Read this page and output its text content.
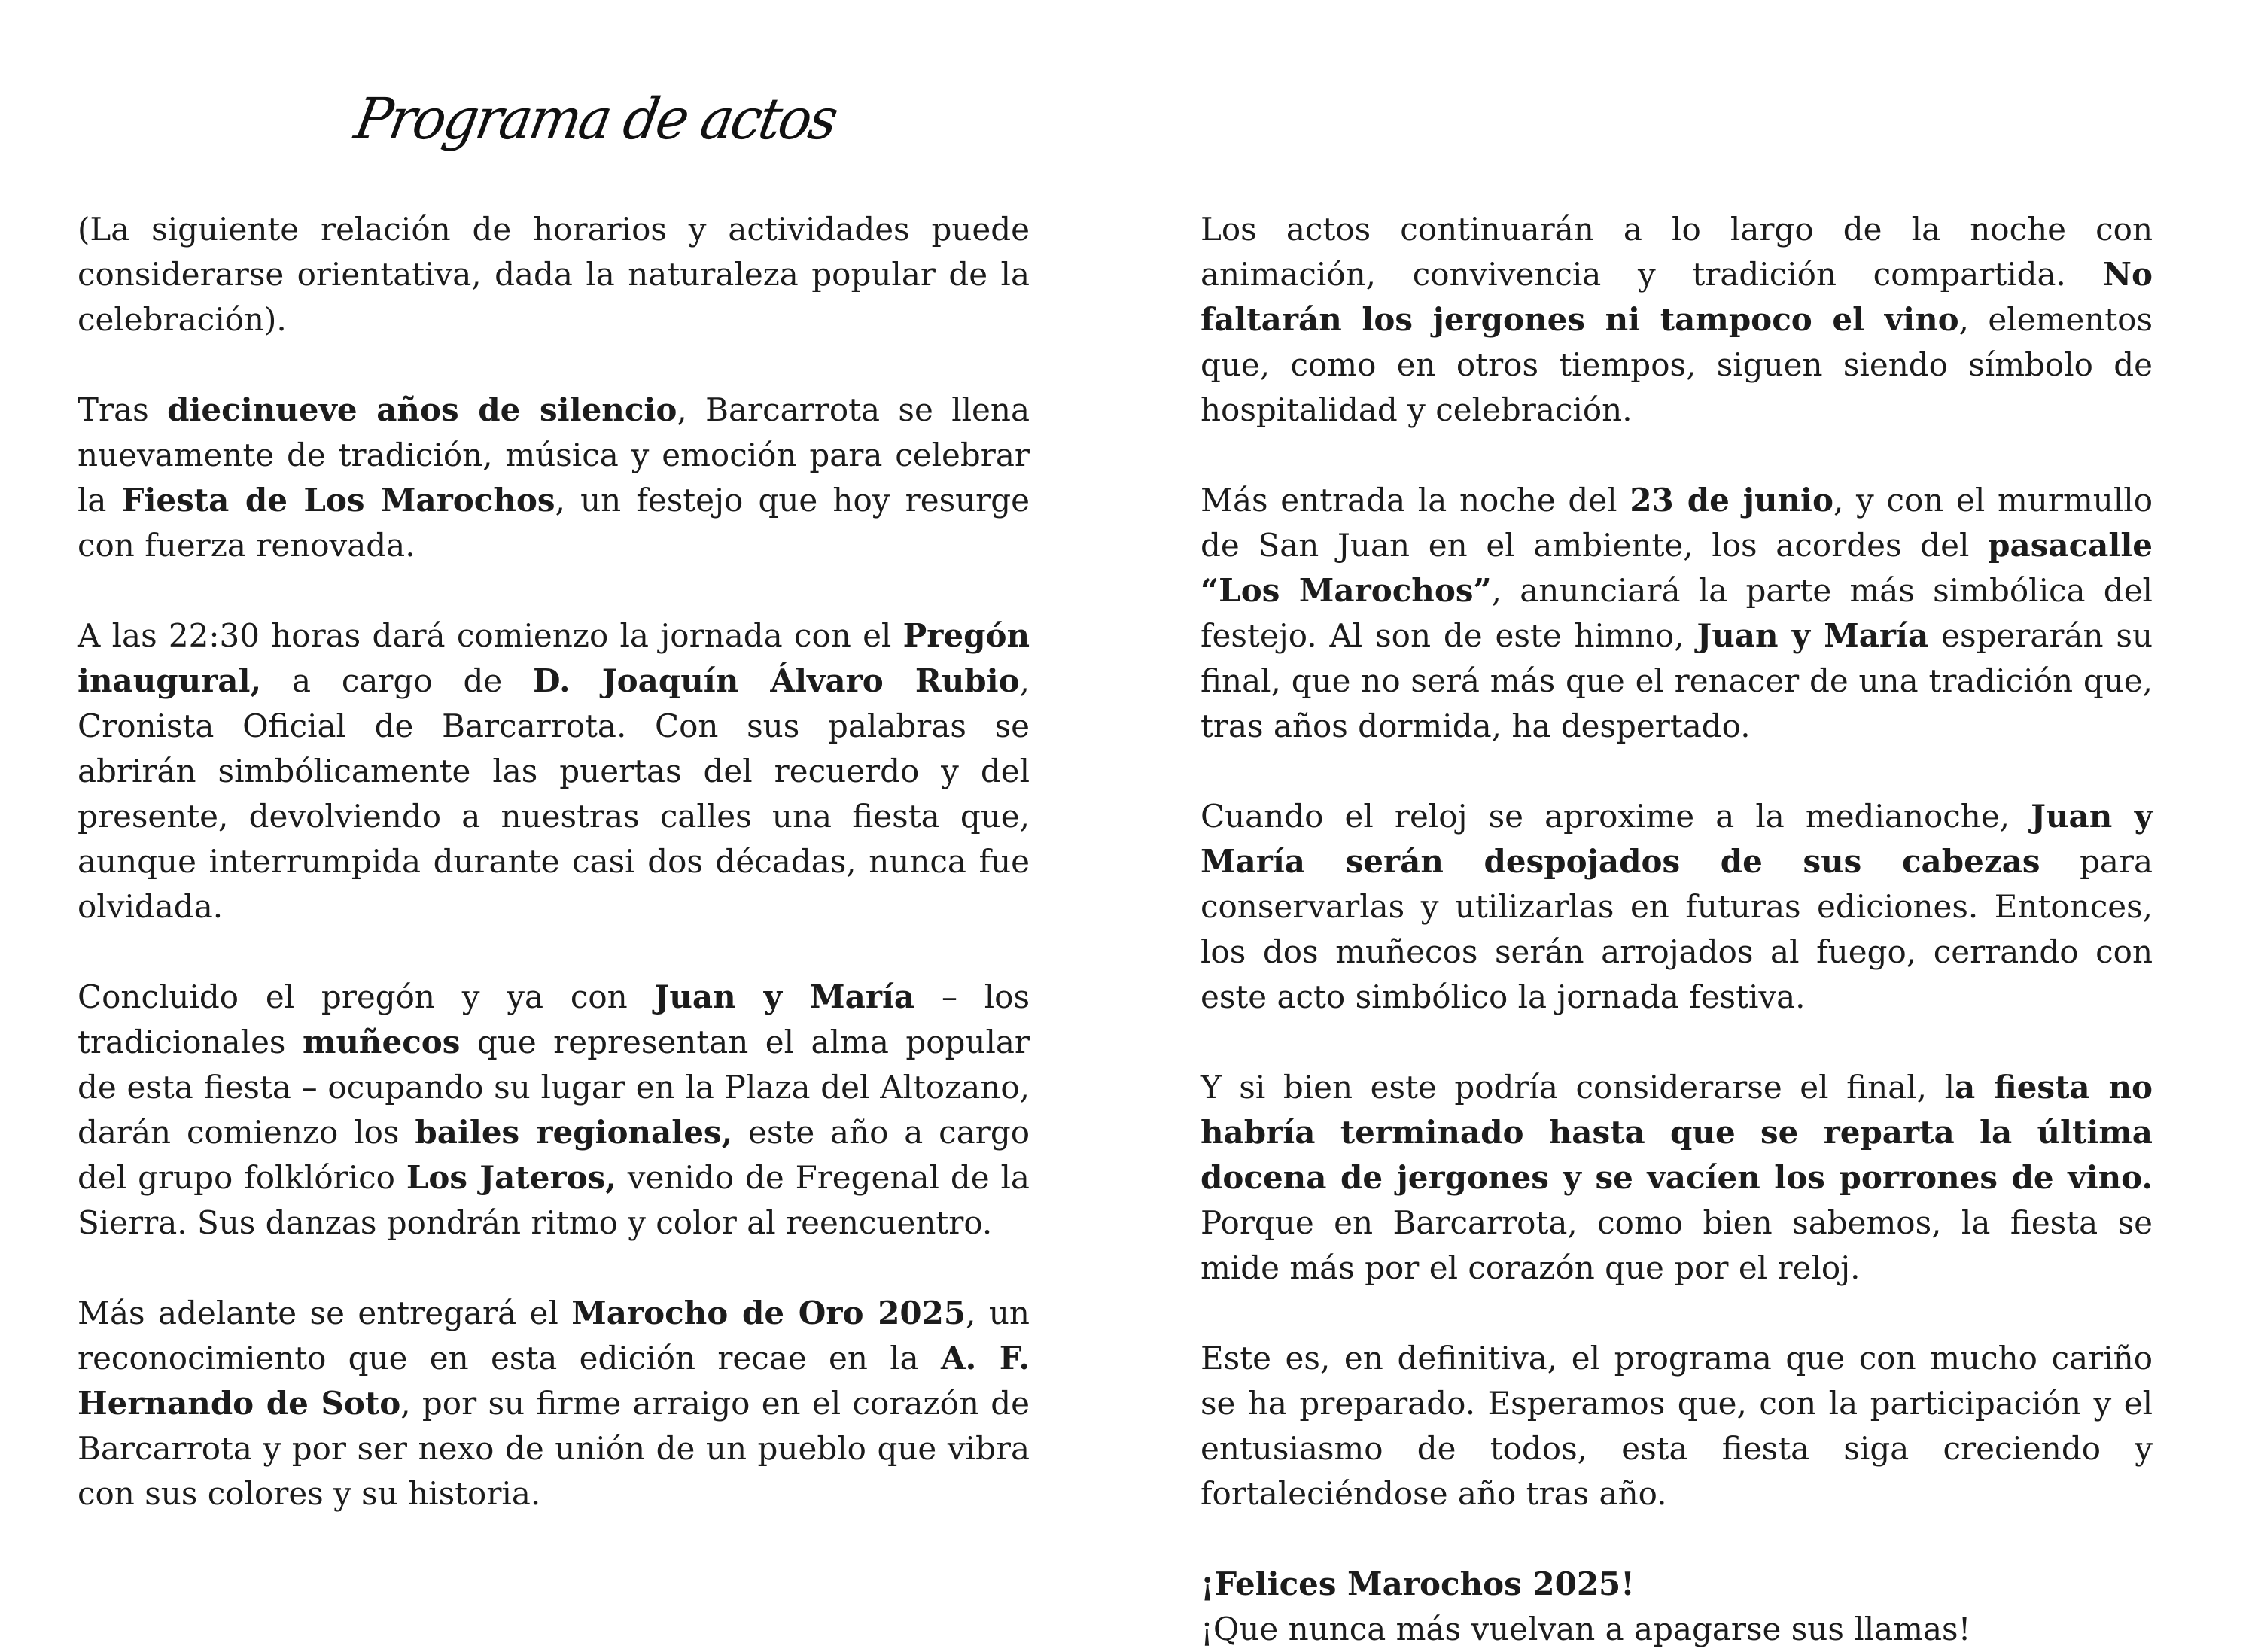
Programa de actos

(La siguiente relación de horarios y actividades puede considerarse orientativa, dada la naturaleza popular de la celebración).

Tras diecinueve años de silencio, Barcarrota se llena nuevamente de tradición, música y emoción para celebrar la Fiesta de Los Marochos, un festejo que hoy resurge con fuerza renovada.

A las 22:30 horas dará comienzo la jornada con el Pregón inaugural, a cargo de D. Joaquín Álvaro Rubio, Cronista Oficial de Barcarrota. Con sus palabras se abrirán simbólicamente las puertas del recuerdo y del presente, devolviendo a nuestras calles una fiesta que, aunque interrumpida durante casi dos décadas, nunca fue olvidada.

Concluido el pregón y ya con Juan y María – los tradicionales muñecos que representan el alma popular de esta fiesta – ocupando su lugar en la Plaza del Altozano, darán comienzo los bailes regionales, este año a cargo del grupo folklórico Los Jateros, venido de Fregenal de la Sierra. Sus danzas pondrán ritmo y color al reencuentro.

Más adelante se entregará el Marocho de Oro 2025, un reconocimiento que en esta edición recae en la A. F. Hernando de Soto, por su firme arraigo en el corazón de Barcarrota y por ser nexo de unión de un pueblo que vibra con sus colores y su historia.

Los actos continuarán a lo largo de la noche con animación, convivencia y tradición compartida. No faltarán los jergones ni tampoco el vino, elementos que, como en otros tiempos, siguen siendo símbolo de hospitalidad y celebración.

Más entrada la noche del 23 de junio, y con el murmullo de San Juan en el ambiente, los acordes del pasacalle “Los Marochos”, anunciará la parte más simbólica del festejo. Al son de este himno, Juan y María esperarán su final, que no será más que el renacer de una tradición que, tras años dormida, ha despertado.

Cuando el reloj se aproxime a la medianoche, Juan y María serán despojados de sus cabezas para conservarlas y utilizarlas en futuras ediciones. Entonces, los dos muñecos serán arrojados al fuego, cerrando con este acto simbólico la jornada festiva.

Y si bien este podría considerarse el final, la fiesta no habría terminado hasta que se reparta la última docena de jergones y se vacíen los porrones de vino. Porque en Barcarrota, como bien sabemos, la fiesta se mide más por el corazón que por el reloj.

Este es, en definitiva, el programa que con mucho cariño se ha preparado. Esperamos que, con la participación y el entusiasmo de todos, esta fiesta siga creciendo y fortaleciéndose año tras año.

¡Felices Marochos 2025!
¡Que nunca más vuelvan a apagarse sus llamas!
